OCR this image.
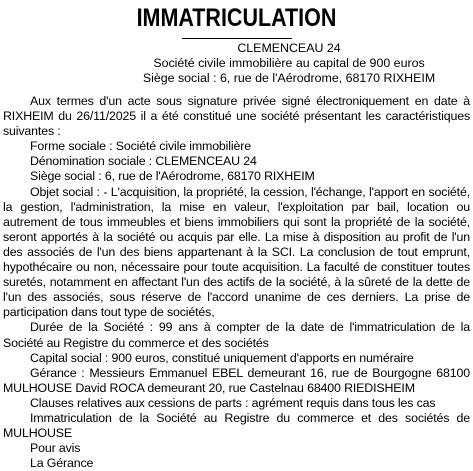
IMMATRICULATION
CLEMENCEAU 24
Société civile immobilière au capital de 900 euros
Siège social : 6, rue de l'Aérodrome, 68170 RIXHEIM

Aux termes d'un acte sous signature privée signé électroniquement en date à RIXHEIM du 26/11/2025 il a été constitué une société présentant les caractéristiques suivantes :

Forme sociale : Société civile immobilière

Dénomination sociale : CLEMENCEAU 24

Siège social : 6, rue de l'Aérodrome, 68170 RIXHEIM

Objet social : - L'acquisition, la propriété, la cession, l'échange, l'apport en société, la gestion, l'administration, la mise en valeur, l'exploitation par bail, location ou autrement de tous immeubles et biens immobiliers qui sont la propriété de la société, seront apportés à la société ou acquis par elle. La mise à disposition au profit de l'un des associés de l'un des biens appartenant à la SCI. La conclusion de tout emprunt, hypothécaire ou non, nécessaire pour toute acquisition. La faculté de constituer toutes suretés, notamment en affectant l'un des actifs de la société, à la sûreté de la dette de l'un des associés, sous réserve de l'accord unanime de ces derniers. La prise de participation dans tout type de sociétés,

Durée de la Société : 99 ans à compter de la date de l'immatriculation de la Société au Registre du commerce et des sociétés

Capital social : 900 euros, constitué uniquement d'apports en numéraire

Gérance : Messieurs Emmanuel EBEL demeurant 16, rue de Bourgogne 68100 MULHOUSE David ROCA demeurant 20, rue Castelnau 68400 RIEDISHEIM

Clauses relatives aux cessions de parts : agrément requis dans tous les cas

Immatriculation de la Société au Registre du commerce et des sociétés de MULHOUSE

Pour avis

La Gérance
